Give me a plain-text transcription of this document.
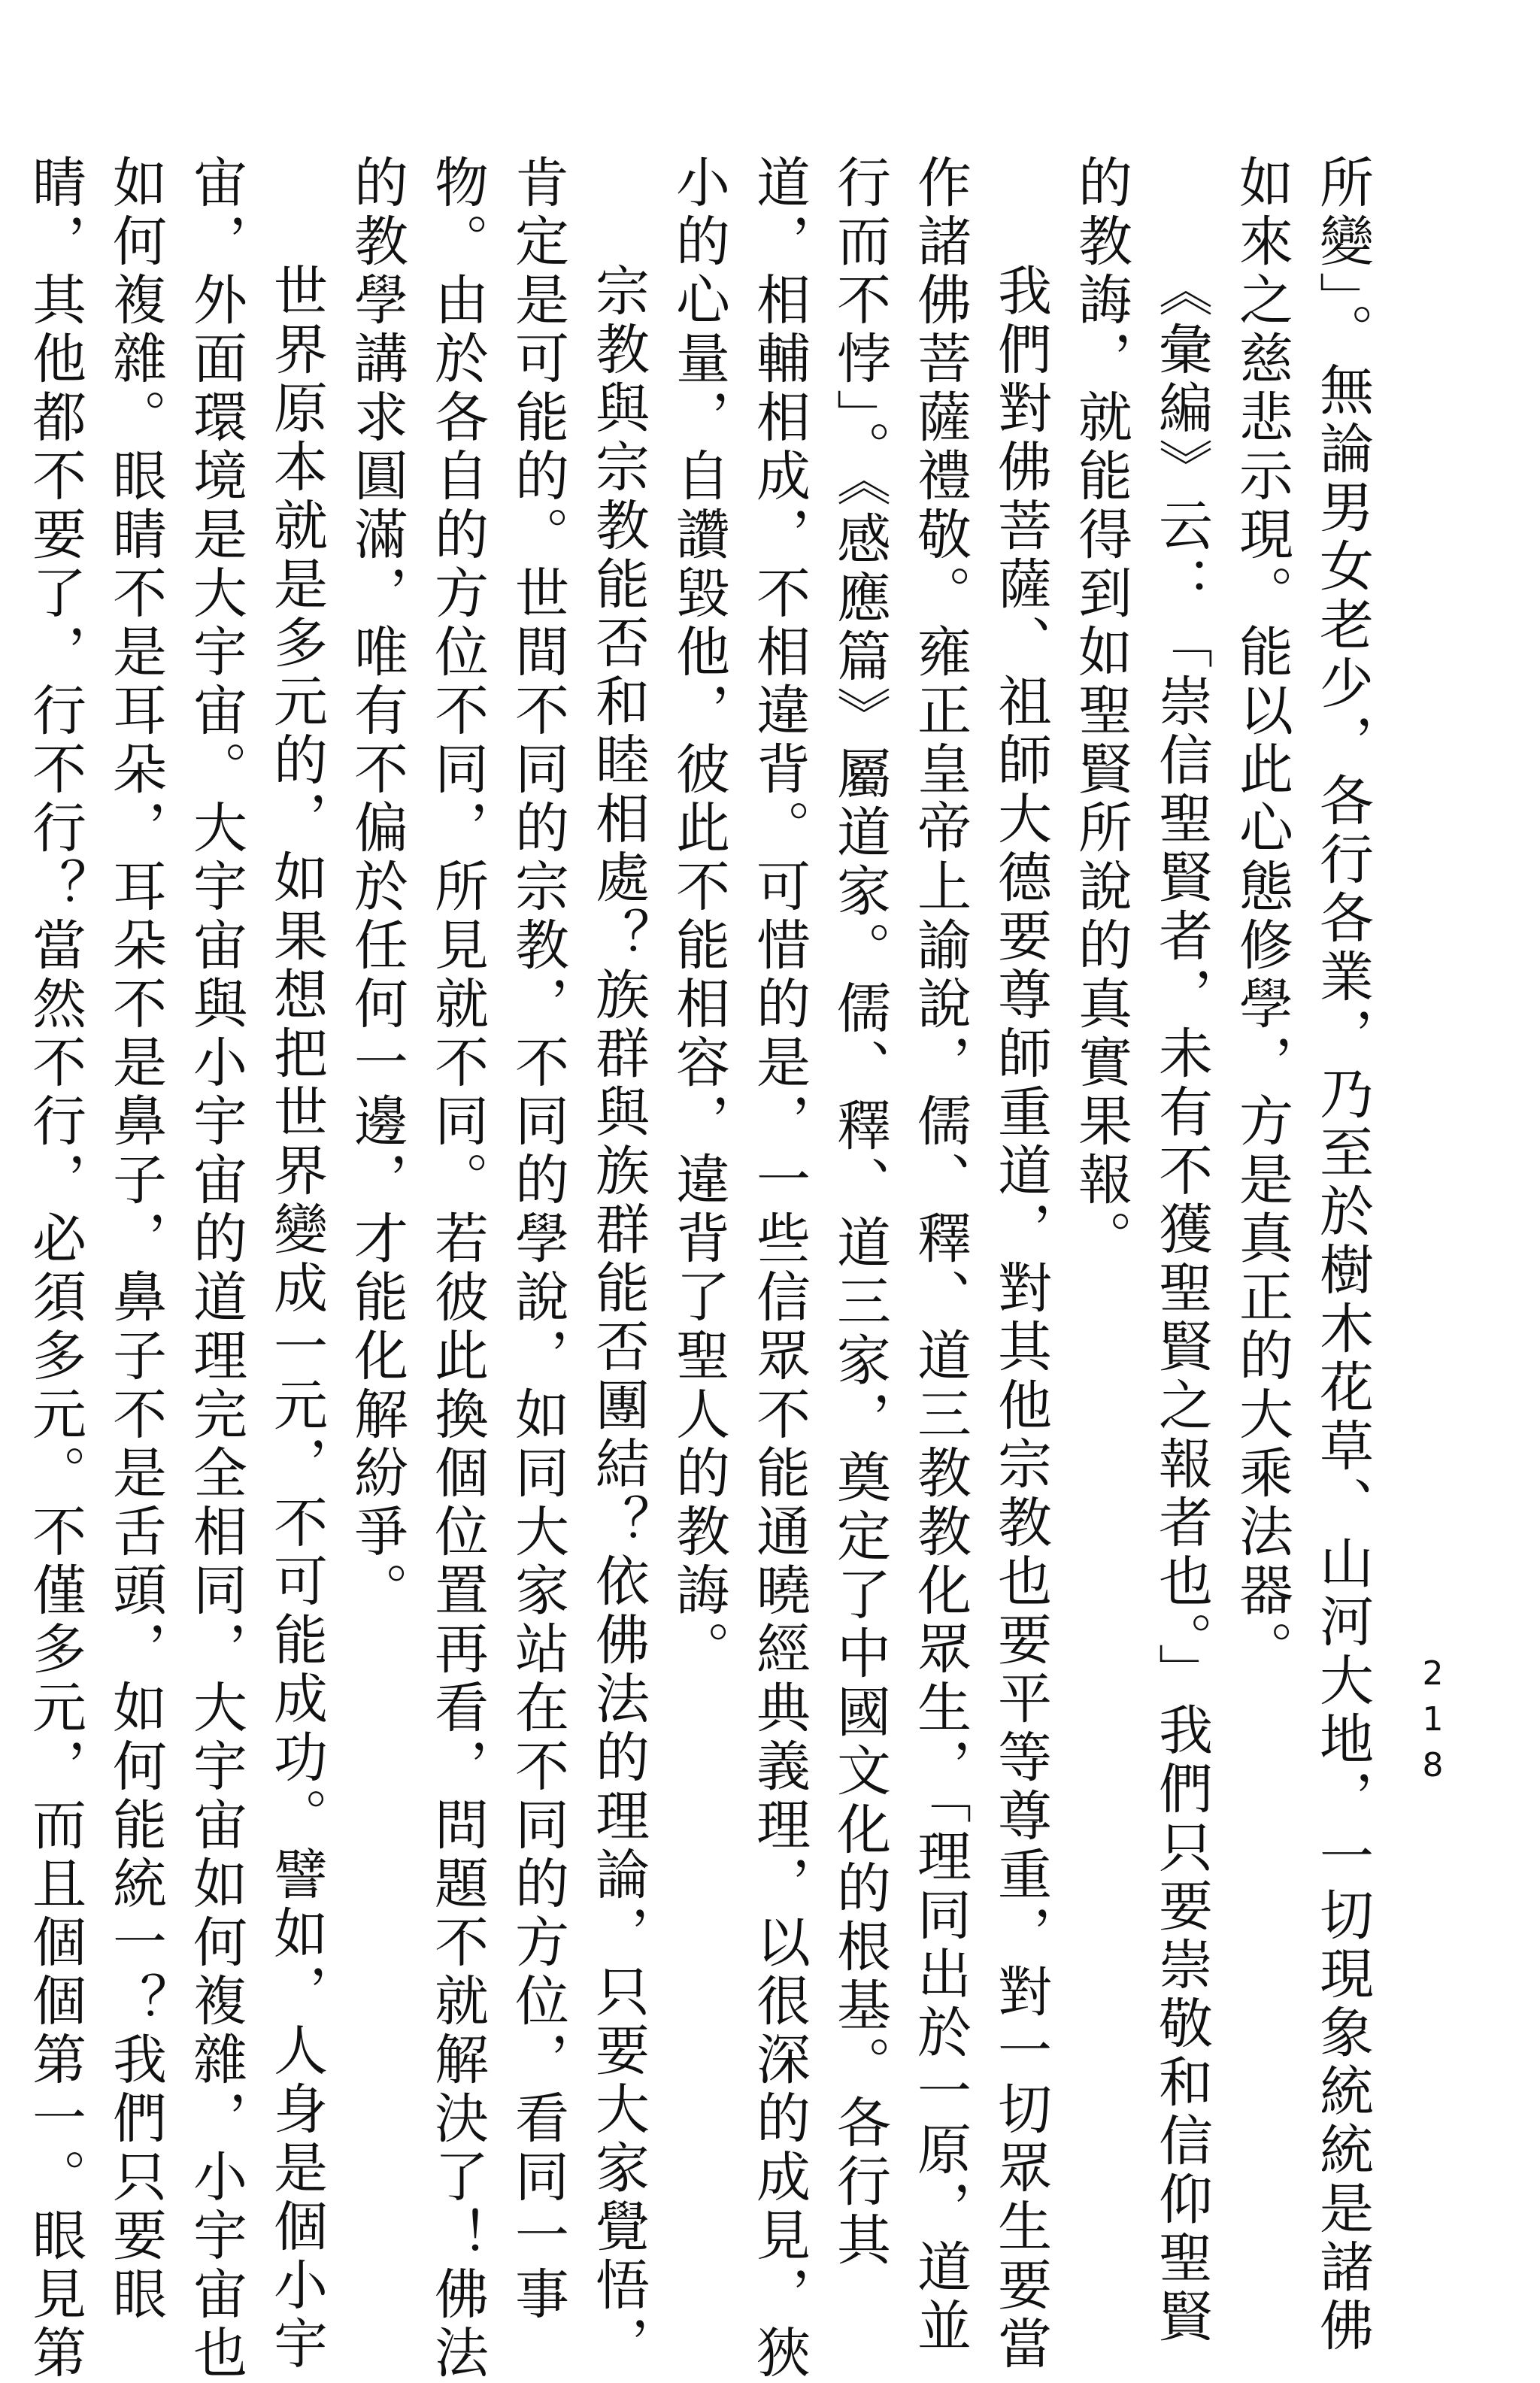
218
所變」。無論男女老少，各行各業，乃至於樹木花草、山河大地，一切現象統統是諸佛
如來之慈悲示現。能以此心態修學，方是真正的大乘法器。
《彙編》云：「崇信聖賢者，未有不獲聖賢之報者也。」我們只要崇敬和信仰聖賢
的教誨，就能得到如聖賢所說的真實果報。
我們對佛菩薩、祖師大德要尊師重道，對其他宗教也要平等尊重，對一切眾生要當
作諸佛菩薩禮敬。雍正皇帝上諭說，儒、釋、道三教教化眾生，「理同出於一原，道並
行而不悖」。《感應篇》屬道家。儒、釋、道三家，奠定了中國文化的根基。各行其
道，相輔相成，不相違背。可惜的是，一些信眾不能通曉經典義理，以很深的成見，狹
小的心量，自讚毀他，彼此不能相容，違背了聖人的教誨。
宗教與宗教能否和睦相處？族群與族群能否團結？依佛法的理論，只要大家覺悟，
肯定是可能的。世間不同的宗教，不同的學說，如同大家站在不同的方位，看同一事
物。由於各自的方位不同，所見就不同。若彼此換個位置再看，問題不就解決了！佛法
的教學講求圓滿，唯有不偏於任何一邊，才能化解紛爭。
世界原本就是多元的，如果想把世界變成一元，不可能成功。譬如，人身是個小宇
宙，外面環境是大宇宙。大宇宙與小宇宙的道理完全相同，大宇宙如何複雜，小宇宙也
如何複雜。眼睛不是耳朵，耳朵不是鼻子，鼻子不是舌頭，如何能統一？我們只要眼
睛，其他都不要了，行不行？當然不行，必須多元。不僅多元，而且個個第一。眼見第
